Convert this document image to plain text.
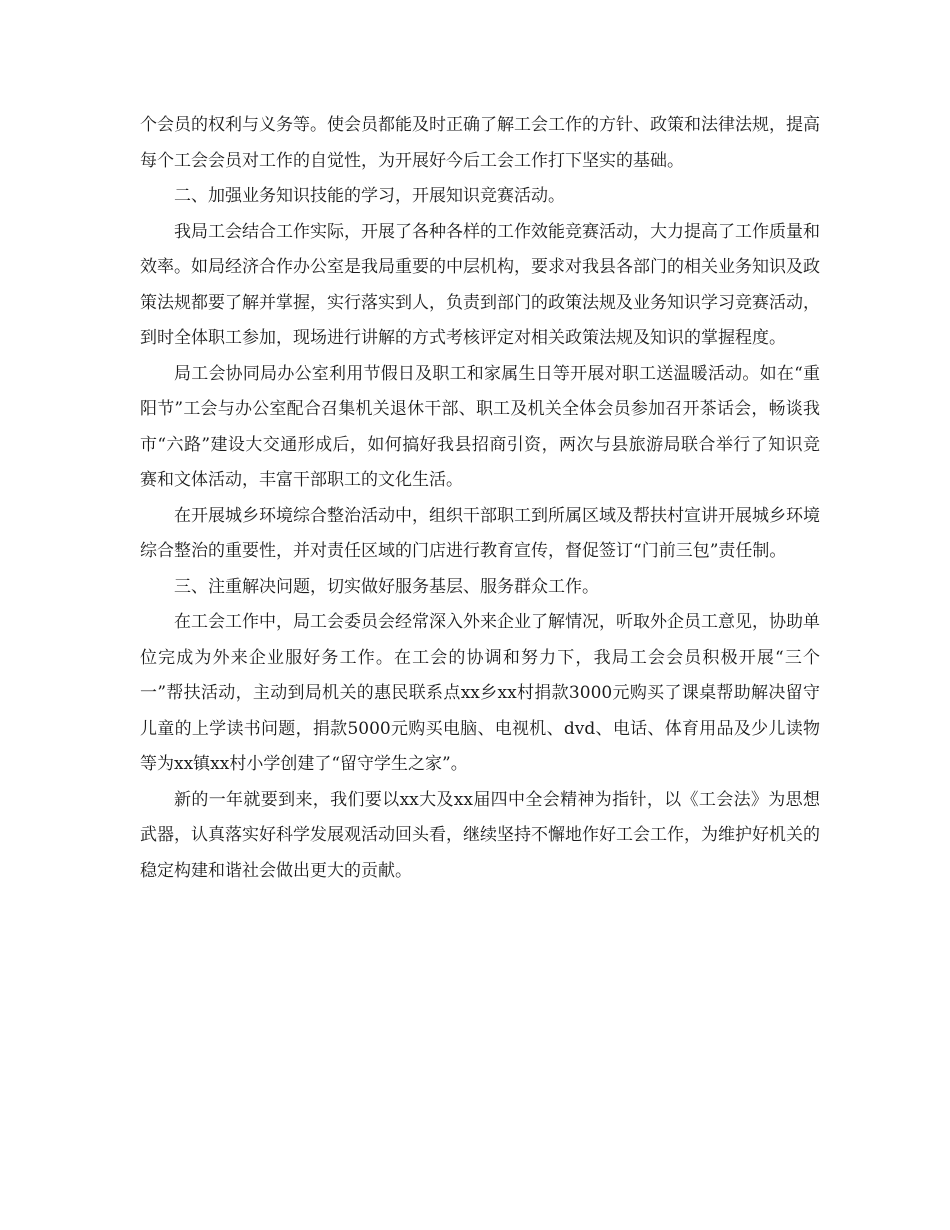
个会员的权利与义务等。使会员都能及时正确了解工会工作的方针、政策和法律法规，提高每个工会会员对工作的自觉性，为开展好今后工会工作打下坚实的基础。

二、加强业务知识技能的学习，开展知识竞赛活动。

我局工会结合工作实际，开展了各种各样的工作效能竞赛活动，大力提高了工作质量和效率。如局经济合作办公室是我局重要的中层机构，要求对我县各部门的相关业务知识及政策法规都要了解并掌握，实行落实到人，负责到部门的政策法规及业务知识学习竞赛活动，到时全体职工参加，现场进行讲解的方式考核评定对相关政策法规及知识的掌握程度。

局工会协同局办公室利用节假日及职工和家属生日等开展对职工送温暖活动。如在“重阳节”工会与办公室配合召集机关退休干部、职工及机关全体会员参加召开茶话会，畅谈我市“六路”建设大交通形成后，如何搞好我县招商引资，两次与县旅游局联合举行了知识竞赛和文体活动，丰富干部职工的文化生活。

在开展城乡环境综合整治活动中，组织干部职工到所属区域及帮扶村宣讲开展城乡环境综合整治的重要性，并对责任区域的门店进行教育宣传，督促签订“门前三包”责任制。

三、注重解决问题，切实做好服务基层、服务群众工作。

在工会工作中，局工会委员会经常深入外来企业了解情况，听取外企员工意见，协助单位完成为外来企业服好务工作。在工会的协调和努力下，我局工会会员积极开展“三个一”帮扶活动，主动到局机关的惠民联系点xx乡xx村捐款3000元购买了课桌帮助解决留守儿童的上学读书问题，捐款5000元购买电脑、电视机、dvd、电话、体育用品及少儿读物等为xx镇xx村小学创建了“留守学生之家”。

新的一年就要到来，我们要以xx大及xx届四中全会精神为指针，以《工会法》为思想武器，认真落实好科学发展观活动回头看，继续坚持不懈地作好工会工作，为维护好机关的稳定构建和谐社会做出更大的贡献。
